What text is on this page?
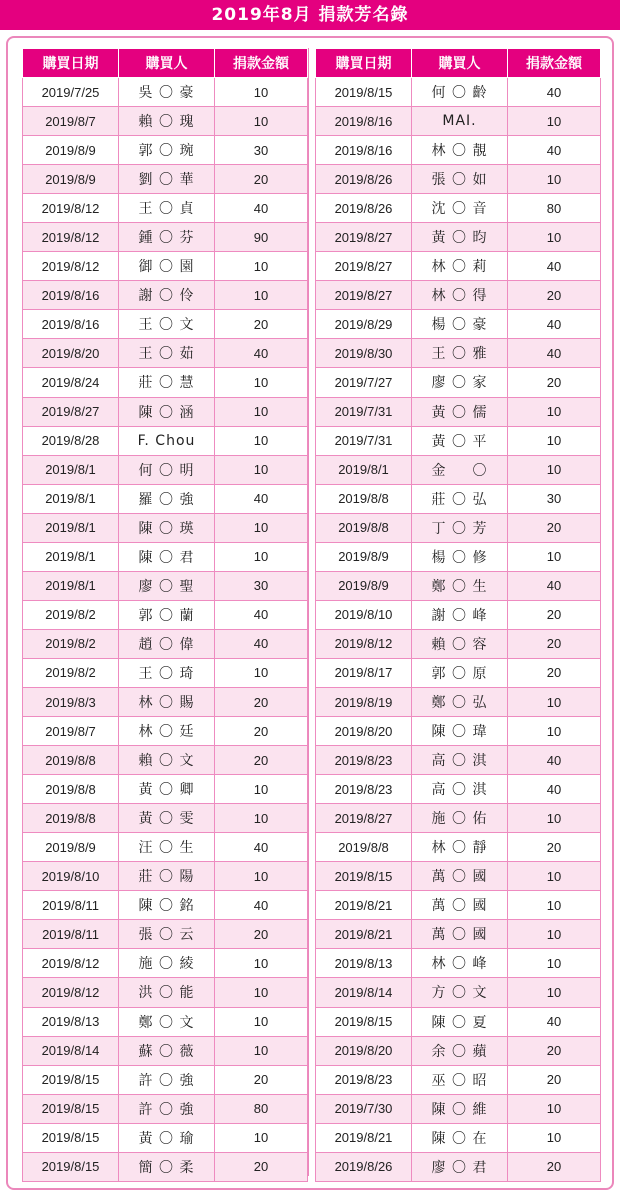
2019年8月 捐款芳名錄
購買日期	購買人	捐款金額
2019/7/25	吳 〇 豪	10
2019/8/7	賴 〇 瑰	10
2019/8/9	郭 〇 琬	30
2019/8/9	劉 〇 華	20
2019/8/12	王 〇 貞	40
2019/8/12	鍾 〇 芬	90
2019/8/12	御 〇 園	10
2019/8/16	謝 〇 伶	10
2019/8/16	王 〇 文	20
2019/8/20	王 〇 茹	40
2019/8/24	莊 〇 慧	10
2019/8/27	陳 〇 涵	10
2019/8/28	F. Chou	10
2019/8/1	何 〇 明	10
2019/8/1	羅 〇 強	40
2019/8/1	陳 〇 瑛	10
2019/8/1	陳 〇 君	10
2019/8/1	廖 〇 聖	30
2019/8/2	郭 〇 蘭	40
2019/8/2	趙 〇 偉	40
2019/8/2	王 〇 琦	10
2019/8/3	林 〇 賜	20
2019/8/7	林 〇 廷	20
2019/8/8	賴 〇 文	20
2019/8/8	黃 〇 卿	10
2019/8/8	黃 〇 雯	10
2019/8/9	汪 〇 生	40
2019/8/10	莊 〇 陽	10
2019/8/11	陳 〇 銘	40
2019/8/11	張 〇 云	20
2019/8/12	施 〇 綾	10
2019/8/12	洪 〇 能	10
2019/8/13	鄭 〇 文	10
2019/8/14	蘇 〇 薇	10
2019/8/15	許 〇 強	20
2019/8/15	許 〇 強	80
2019/8/15	黃 〇 瑜	10
2019/8/15	簡 〇 柔	20
購買日期	購買人	捐款金額
2019/8/15	何 〇 齡	40
2019/8/16	MAI.	10
2019/8/16	林 〇 靚	40
2019/8/26	張 〇 如	10
2019/8/26	沈 〇 音	80
2019/8/27	黃 〇 昀	10
2019/8/27	林 〇 莉	40
2019/8/27	林 〇 得	20
2019/8/29	楊 〇 豪	40
2019/8/30	王 〇 雅	40
2019/7/27	廖 〇 家	20
2019/7/31	黃 〇 儒	10
2019/7/31	黃 〇 平	10
2019/8/1	金 　 〇	10
2019/8/8	莊 〇 弘	30
2019/8/8	丁 〇 芳	20
2019/8/9	楊 〇 修	10
2019/8/9	鄭 〇 生	40
2019/8/10	謝 〇 峰	20
2019/8/12	賴 〇 容	20
2019/8/17	郭 〇 原	20
2019/8/19	鄭 〇 弘	10
2019/8/20	陳 〇 瑋	10
2019/8/23	高 〇 淇	40
2019/8/23	高 〇 淇	40
2019/8/27	施 〇 佑	10
2019/8/8	林 〇 靜	20
2019/8/15	萬 〇 國	10
2019/8/21	萬 〇 國	10
2019/8/21	萬 〇 國	10
2019/8/13	林 〇 峰	10
2019/8/14	方 〇 文	10
2019/8/15	陳 〇 夏	40
2019/8/20	余 〇 蘋	20
2019/8/23	巫 〇 昭	20
2019/7/30	陳 〇 維	10
2019/8/21	陳 〇 在	10
2019/8/26	廖 〇 君	20
